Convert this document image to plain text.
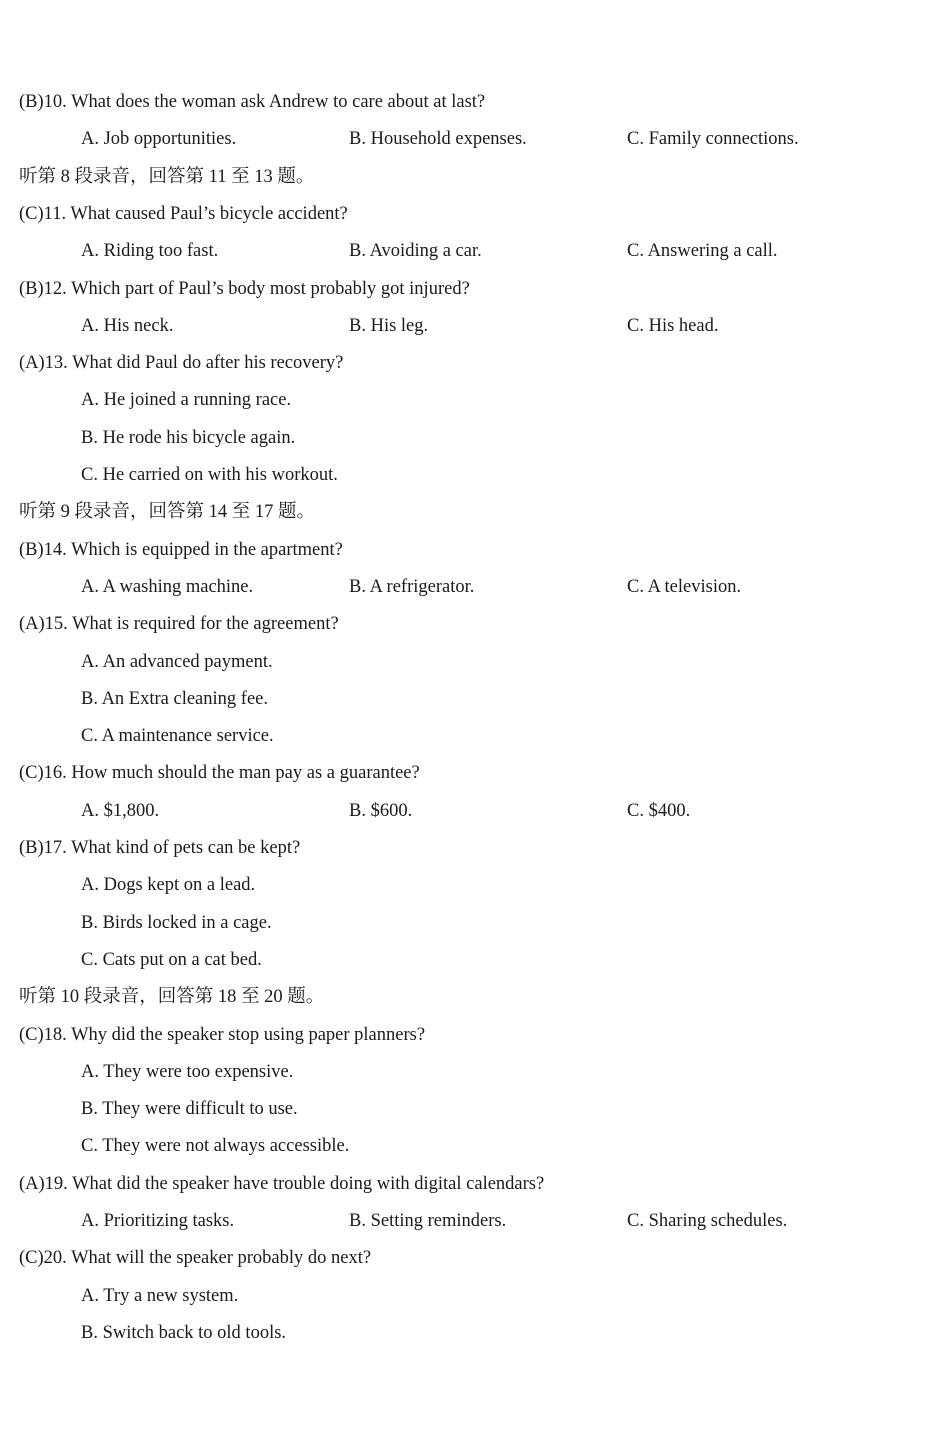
(B)10. What does the woman ask Andrew to care about at last?
A. Job opportunities.	B. Household expenses.	C. Family connections.
听第 8 段录音，回答第 11 至 13 题。
(C)11. What caused Paul’s bicycle accident?
A. Riding too fast.	B. Avoiding a car.	C. Answering a call.
(B)12. Which part of Paul’s body most probably got injured?
A. His neck.	B. His leg.	C. His head.
(A)13. What did Paul do after his recovery?
A. He joined a running race.
B. He rode his bicycle again.
C. He carried on with his workout.
听第 9 段录音，回答第 14 至 17 题。
(B)14. Which is equipped in the apartment?
A. A washing machine.	B. A refrigerator.	C. A television.
(A)15. What is required for the agreement?
A. An advanced payment.
B. An Extra cleaning fee.
C. A maintenance service.
(C)16. How much should the man pay as a guarantee?
A. $1,800.	B. $600.	C. $400.
(B)17. What kind of pets can be kept?
A. Dogs kept on a lead.
B. Birds locked in a cage.
C. Cats put on a cat bed.
听第 10 段录音，回答第 18 至 20 题。
(C)18. Why did the speaker stop using paper planners?
A. They were too expensive.
B. They were difficult to use.
C. They were not always accessible.
(A)19. What did the speaker have trouble doing with digital calendars?
A. Prioritizing tasks.	B. Setting reminders.	C. Sharing schedules.
(C)20. What will the speaker probably do next?
A. Try a new system.
B. Switch back to old tools.
